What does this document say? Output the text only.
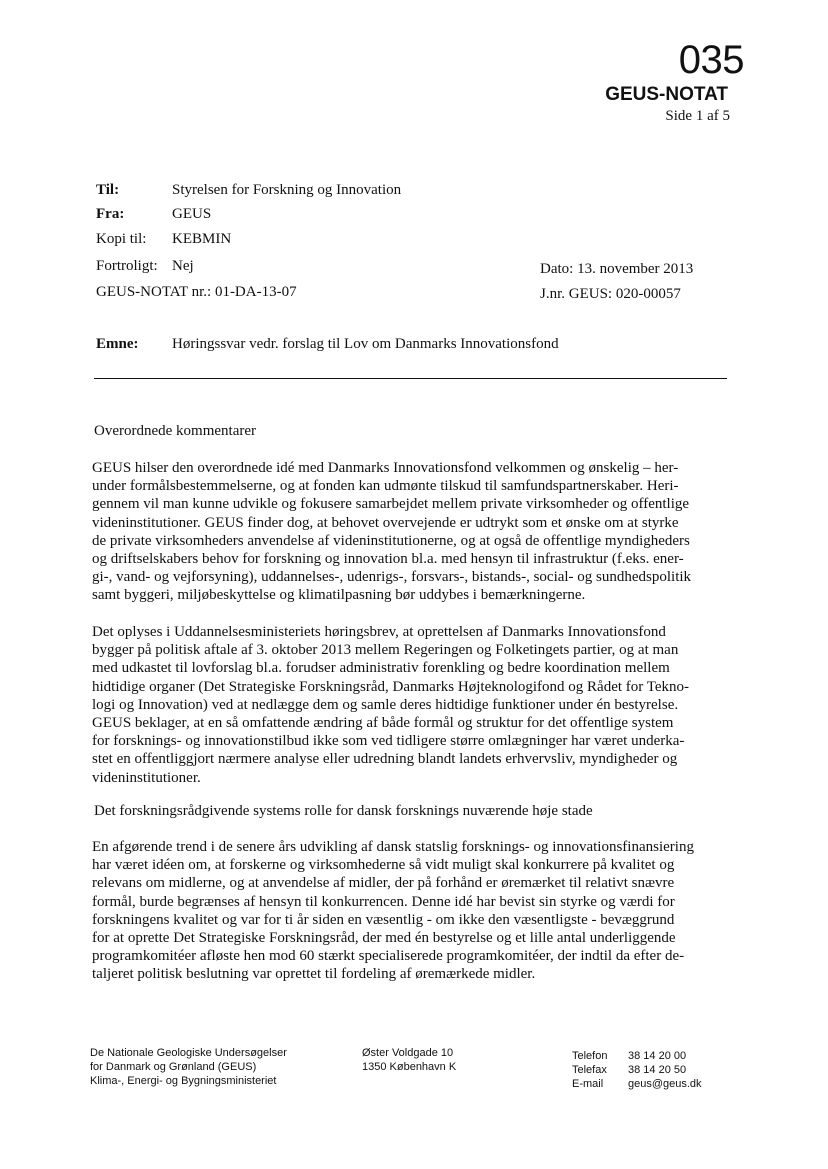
035
GEUS-NOTAT
Side 1 af 5
Til:	Styrelsen for Forskning og Innovation
Fra:	GEUS
Kopi til: KEBMIN
Fortroligt: Nej
GEUS-NOTAT nr.: 01-DA-13-07
Dato: 13. november 2013
J.nr. GEUS: 020-00057
Emne: Høringssvar vedr. forslag til Lov om Danmarks Innovationsfond
Overordnede kommentarer
GEUS hilser den overordnede idé med Danmarks Innovationsfond velkommen og ønskelig – her-
under formålsbestemmelserne, og at fonden kan udmønte tilskud til samfundspartnerskaber. Heri-
gennem vil man kunne udvikle og fokusere samarbejdet mellem private virksomheder og offentlige
videninstitutioner. GEUS finder dog, at behovet overvejende er udtrykt som et ønske om at styrke
de private virksomheders anvendelse af videninstitutionerne, og at også de offentlige myndigheders
og driftselskabers behov for forskning og innovation bl.a. med hensyn til infrastruktur (f.eks. ener-
gi-, vand- og vejforsyning), uddannelses-, udenrigs-, forsvars-, bistands-, social- og sundhedspolitik
samt byggeri, miljøbeskyttelse og klimatilpasning bør uddybes i bemærkningerne.
Det oplyses i Uddannelsesministeriets høringsbrev, at oprettelsen af Danmarks Innovationsfond
bygger på politisk aftale af 3. oktober 2013 mellem Regeringen og Folketingets partier, og at man
med udkastet til lovforslag bl.a. forudser administrativ forenkling og bedre koordination mellem
hidtidige organer (Det Strategiske Forskningsråd, Danmarks Højteknologifond og Rådet for Tekno-
logi og Innovation) ved at nedlægge dem og samle deres hidtidige funktioner under én bestyrelse.
GEUS beklager, at en så omfattende ændring af både formål og struktur for det offentlige system
for forsknings- og innovationstilbud ikke som ved tidligere større omlægninger har været underka-
stet en offentliggjort nærmere analyse eller udredning blandt landets erhvervsliv, myndigheder og
videninstitutioner.
Det forskningsrådgivende systems rolle for dansk forsknings nuværende høje stade
En afgørende trend i de senere års udvikling af dansk statslig forsknings- og innovationsfinansiering
har været idéen om, at forskerne og virksomhederne så vidt muligt skal konkurrere på kvalitet og
relevans om midlerne, og at anvendelse af midler, der på forhånd er øremærket til relativt snævre
formål, burde begrænses af hensyn til konkurrencen. Denne idé har bevist sin styrke og værdi for
forskningens kvalitet og var for ti år siden en væsentlig - om ikke den væsentligste - bevæggrund
for at oprette Det Strategiske Forskningsråd, der med én bestyrelse og et lille antal underliggende
programkomitéer afløste hen mod 60 stærkt specialiserede programkomitéer, der indtil da efter de-
taljeret politisk beslutning var oprettet til fordeling af øremærkede midler.
De Nationale Geologiske Undersøgelser
for Danmark og Grønland (GEUS)
Klima-, Energi- og Bygningsministeriet
Øster Voldgade 10
1350 København K
Telefon	38 14 20 00
Telefax	38 14 20 50
E-mail	geus@geus.dk
